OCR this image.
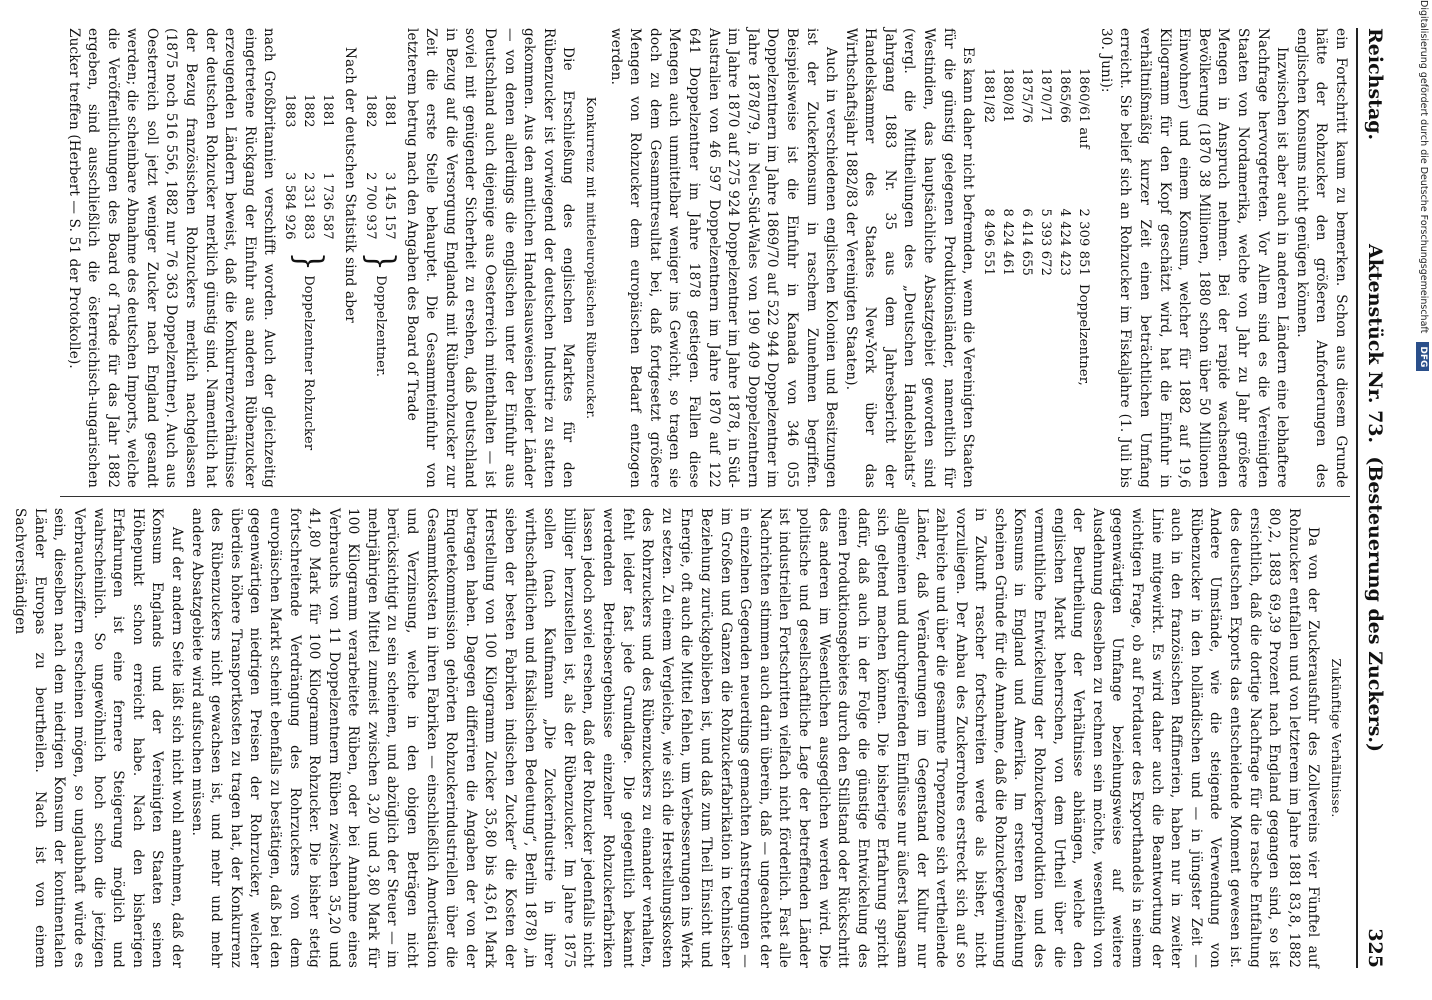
Reichstag.
Aktenstück Nr. 73.  (Besteuerung des Zuckers.)
325

ein Fortschritt kaum zu bemerken. Schon aus diesem Grunde hätte der Rohzucker den größeren Anforderungen des englischen Konsums nicht genügen können.

Inzwischen ist aber auch in anderen Ländern eine lebhaftere Nachfrage hervorgetreten. Vor Allem sind es die Vereinigten Staaten von Nordamerika, welche von Jahr zu Jahr größere Mengen in Anspruch nehmen. Bei der rapide wachsenden Bevölkerung (1870 38 Millionen, 1880 schon über 50 Millionen Einwohner) und einem Konsum, welcher für 1882 auf 19,6 Kilogramm für den Kopf geschätzt wird, hat die Einfuhr in verhältnißmäßig kurzer Zeit einen beträchtlichen Umfang erreicht. Sie belief sich an Rohzucker im Fiskaljahre (1. Juli bis 30. Juni):

1860/61 auf	2 309 851	Doppelzentner,
1865/66	4 424 423	
1870/71	5 393 672	
1875/76	6 414 655	
1880/81	8 424 461	
1881/82	8 496 551	

Es kann daher nicht befremden, wenn die Vereinigten Staaten für die günstig gelegenen Produktionsländer, namentlich für Westindien, das hauptsächliche Absatzgebiet geworden sind (vergl. die Mittheilungen des „Deutschen Handelsblatts“ Jahrgang 1883 Nr. 35 aus dem Jahresbericht der Handelskammer des Staates New-York über das Wirthschaftsjahr 1882/83 der Vereinigten Staaten).

Auch in verschiedenen englischen Kolonien und Besitzungen ist der Zuckerkonsum in raschem Zunehmen begriffen. Beispielsweise ist die Einfuhr in Kanada von 346 055 Doppelzentnern im Jahre 1869/70 auf 522 944 Doppelzentner im Jahre 1878/79, in Neu-Süd-Wales von 190 409 Doppelzentnern im Jahre 1870 auf 275 924 Doppelzentner im Jahre 1878, in Süd-Australien von 46 597 Doppelzentnern im Jahre 1870 auf 122 641 Doppelzentner im Jahre 1878 gestiegen. Fallen diese Mengen auch unmittelbar weniger ins Gewicht, so tragen sie doch zu dem Gesammtresultat bei, daß fortgesetzt größere Mengen von Rohzucker dem europäischen Bedarf entzogen werden.

Konkurrenz mit mitteleuropäischen Rübenzucker.

Die Erschließung des englischen Marktes für den Rübenzucker ist vorwiegend der deutschen Industrie zu statten gekommen. Aus den amtlichen Handelsausweisen beider Länder — von denen allerdings die englischen unter der Einfuhr aus Deutschland auch diejenige aus Oesterreich mitenthalten — ist soviel mit genügender Sicherheit zu ersehen, daß Deutschland in Bezug auf die Versorgung Englands mit Rübenrohzucker zur Zeit die erste Stelle behauptet. Die Gesammteinfuhr von letzterem betrug nach den Angaben des Board of Trade

1881	3 145 157	} Doppelzentner.
1882	2 700 937	

Nach der deutschen Statistik sind aber

1881	1 736 587	} Doppelzentner Rohzucker
1882	2 331 883	
1883	3 584 926	

nach Großbritannien verschifft worden. Auch der gleichzeitig eingetretene Rückgang der Einfuhr aus anderen Rübenzucker erzeugenden Ländern beweist, daß die Konkurrenzverhältnisse der deutschen Rohzucker merklich günstig sind. Namentlich hat der Bezug französischen Rohzuckers merklich nachgelassen (1875 noch 516 556, 1882 nur 76 363 Doppelzentner). Auch aus Oesterreich soll jetzt weniger Zucker nach England gesandt werden; die scheinbare Abnahme des deutschen Imports, welche die Veröffentlichungen des Board of Trade für das Jahr 1882 ergeben, sind ausschließlich die österreichisch-ungarischen Zucker treffen (Herbert — S. 51 der Protokolle).

Zukünftige Verhältnisse.

Da von der Zuckerausfuhr des Zollvereins vier Fünftel auf Rohzucker entfallen und von letzterem im Jahre 1881 83,8, 1882 80,2, 1883 69,39 Prozent nach England gegangen sind, so ist ersichtlich, daß die dortige Nachfrage für die rasche Entfaltung des deutschen Exports das entscheidende Moment gewesen ist. Andere Umstände, wie die steigende Verwendung von Rübenzucker in den holländischen und — in jüngster Zeit — auch in den französischen Raffinerien, haben nur in zweiter Linie mitgewirkt. Es wird daher auch die Beantwortung der wichtigen Frage, ob auf Fortdauer des Exporthandels in seinem gegenwärtigen Umfange beziehungsweise auf weitere Ausdehnung desselben zu rechnen sein möchte, wesentlich von der Beurtheilung der Verhältnisse abhängen, welche den englischen Markt beherrschen, von dem Urtheil über die vermuthliche Entwickelung der Rohzuckerproduktion und des Konsums in England und Amerika. Im ersteren Beziehung scheinen Gründe für die Annahme, daß die Rohzuckergewinnung in Zukunft rascher fortschreiten werde als bisher, nicht vorzuliegen. Der Anbau des Zuckerrohres erstreckt sich auf so zahlreiche und über die gesammte Tropenzone sich vertheilende Länder, daß Veränderungen im Gegenstand der Kultur nur allgemeinen und durchgreifenden Einflüsse nur äußerst langsam sich geltend machen können. Die bisherige Erfahrung spricht dafür, daß auch in der Folge die günstige Entwickelung des einen Produktionsgebietes durch den Stillstand oder Rückschritt des anderen im Wesentlichen ausgeglichen werden wird. Die politische und gesellschaftliche Lage der betreffenden Länder ist industriellen Fortschritten vielfach nicht förderlich. Fast alle Nachrichten stimmen auch darin überein, daß — ungeachtet der in einzelnen Gegenden neuerdings gemachten Anstrengungen — im Großen und Ganzen die Rohzuckerfabrikation in technischer Beziehung zurückgeblieben ist, und daß zum Theil Einsicht und Energie, oft auch die Mittel fehlen, um Verbesserungen ins Werk zu setzen. Zu einem Vergleiche, wie sich die Herstellungskosten des Rohrzuckers und des Rübenzuckers zu einander verhalten, fehlt leider fast jede Grundlage. Die gelegentlich bekannt werdenden Betriebsergebnisse einzelner Rohzuckerfabriken lassen jedoch soviel ersehen, daß der Rohzucker jedenfalls nicht billiger herzustellen ist, als der Rübenzucker. Im Jahre 1875 sollen (nach Kaufmann „Die Zuckerindustrie in ihrer wirthschaftlichen und fiskalischen Bedeutung“, Berlin 1878) „in sieben der besten Fabriken indischen Zucker“ die Kosten der Herstellung von 100 Kilogramm Zucker 35,80 bis 43,61 Mark betragen haben. Dagegen differiren die Angaben der von der Enquetekommission gehörten Rohzuckerindustriellen über die Gesammtkosten in ihren Fabriken — einschließlich Amortisation und Verzinsung, welche in den obigen Beträgen nicht berücksichtigt zu sein scheinen, und abzüglich der Steuer — im mehrjährigen Mittel zumeist zwischen 3,20 und 3,80 Mark für 100 Kilogramm verarbeitete Rüben, oder bei Annahme eines Verbrauchs von 11 Doppelzentnern Rüben zwischen 35,20 und 41,80 Mark für 100 Kilogramm Rohzucker. Die bisher stetig fortschreitende Verdrängung des Rohrzuckers von dem europäischen Markt scheint ebenfalls zu bestätigen, daß bei den gegenwärtigen niedrigen Preisen der Rohrzucker, welcher überdies höhere Transportkosten zu tragen hat, der Konkurrenz des Rübenzuckers nicht gewachsen ist, und mehr und mehr andere Absatzgebiete wird aufsuchen müssen.

Auf der andern Seite läßt sich nicht wohl annehmen, daß der Konsum Englands und der Vereinigten Staaten seinen Höhepunkt schon erreicht habe. Nach den bisherigen Erfahrungen ist eine fernere Steigerung möglich und wahrscheinlich. So ungewöhnlich hoch schon die jetzigen Verbrauchsziffern erscheinen mögen, so unglaubhaft würde es sein, dieselben nach dem niedrigen Konsum der kontinentalen Länder Europas zu beurtheilen. Nach ist von einem Sachverständigen

Digitalisierung gefördert durch die Deutsche Forschungsgemeinschaft DFG
